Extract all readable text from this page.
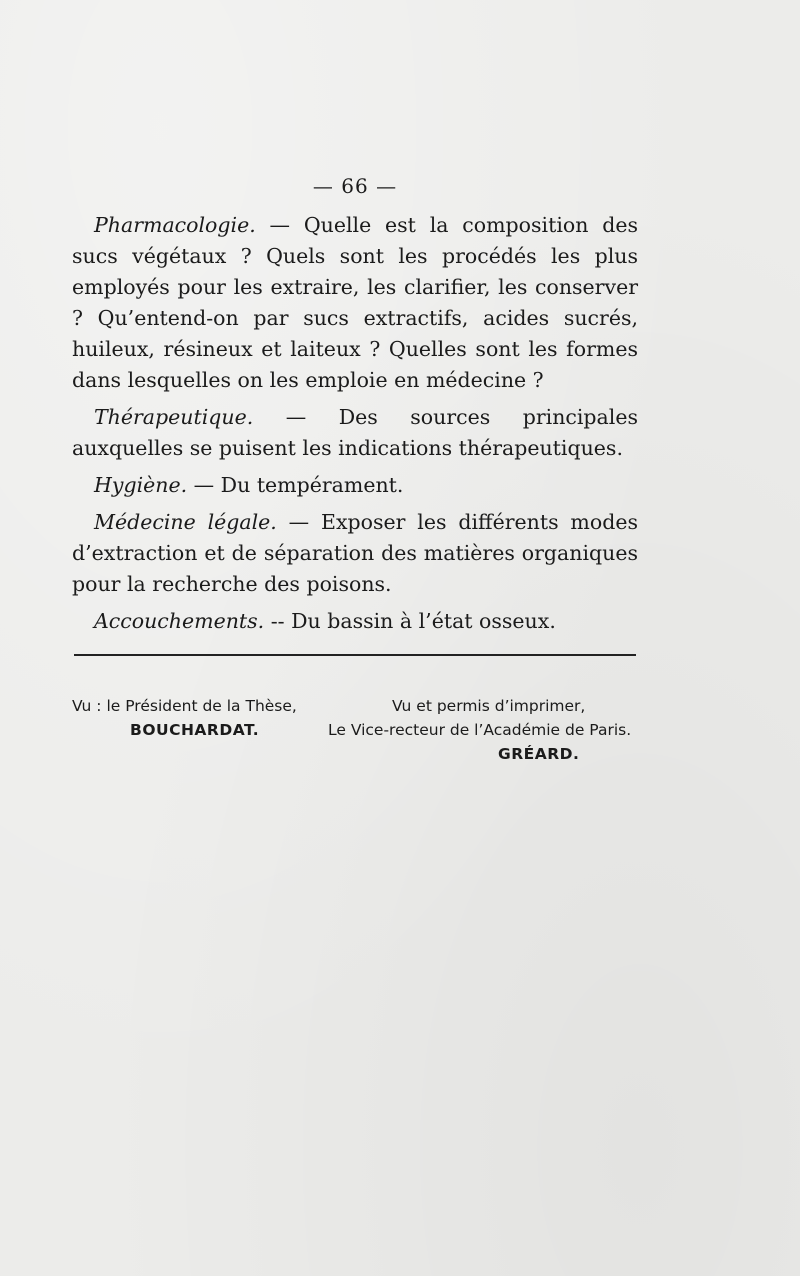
— 66 —

Pharmacologie. — Quelle est la composition des sucs végétaux ? Quels sont les procédés les plus employés pour les extraire, les clarifier, les conserver ? Qu’entend-on par sucs extractifs, acides sucrés, huileux, résineux et laiteux ? Quelles sont les formes dans lesquelles on les emploie en médecine ?

Thérapeutique. — Des sources principales auxquelles se puisent les indications thérapeutiques.

Hygiène. — Du tempérament.

Médecine légale. — Exposer les différents modes d’extraction et de séparation des matières organiques pour la recherche des poisons.

Accouchements. -- Du bassin à l’état osseux.

Vu : le Président de la Thèse,
BOUCHARDAT.
Vu et permis d’imprimer,
Le Vice-recteur de l’Académie de Paris.
GRÉARD.
